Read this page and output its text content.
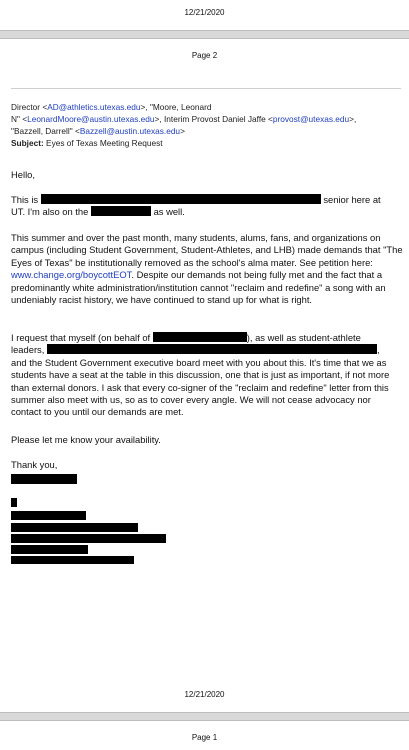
12/21/2020
Page 2
Director <AD@athletics.utexas.edu>, "Moore, Leonard
N" <LeonardMoore@austin.utexas.edu>, Interim Provost Daniel Jaffe <provost@utexas.edu>,
"Bazzell, Darrell" <Bazzell@austin.utexas.edu>
Subject: Eyes of Texas Meeting Request
Hello,
This is	senior here at
UT. I'm also on the	as well.
This summer and over the past month, many students, alums, fans, and organizations on campus (including Student Government, Student-Athletes, and LHB) made demands that "The Eyes of Texas" be institutionally removed as the school's alma mater. See petition here: www.change.org/boycottEOT. Despite our demands not being fully met and the fact that a predominantly white administration/institution cannot "reclaim and redefine" a song with an undeniably racist history, we have continued to stand up for what is right.
I request that myself (on behalf of	), as well as student-athlete
leaders,	,
and the Student Government executive board meet with you about this. It's time that we as students have a seat at the table in this discussion, one that is just as important, if not more than external donors. I ask that every co-signer of the "reclaim and redefine" letter from this summer also meet with us, so as to cover every angle. We will not cease advocacy nor contact to you until our demands are met.
Please let me know your availability.
Thank you,
12/21/2020
Page 1
